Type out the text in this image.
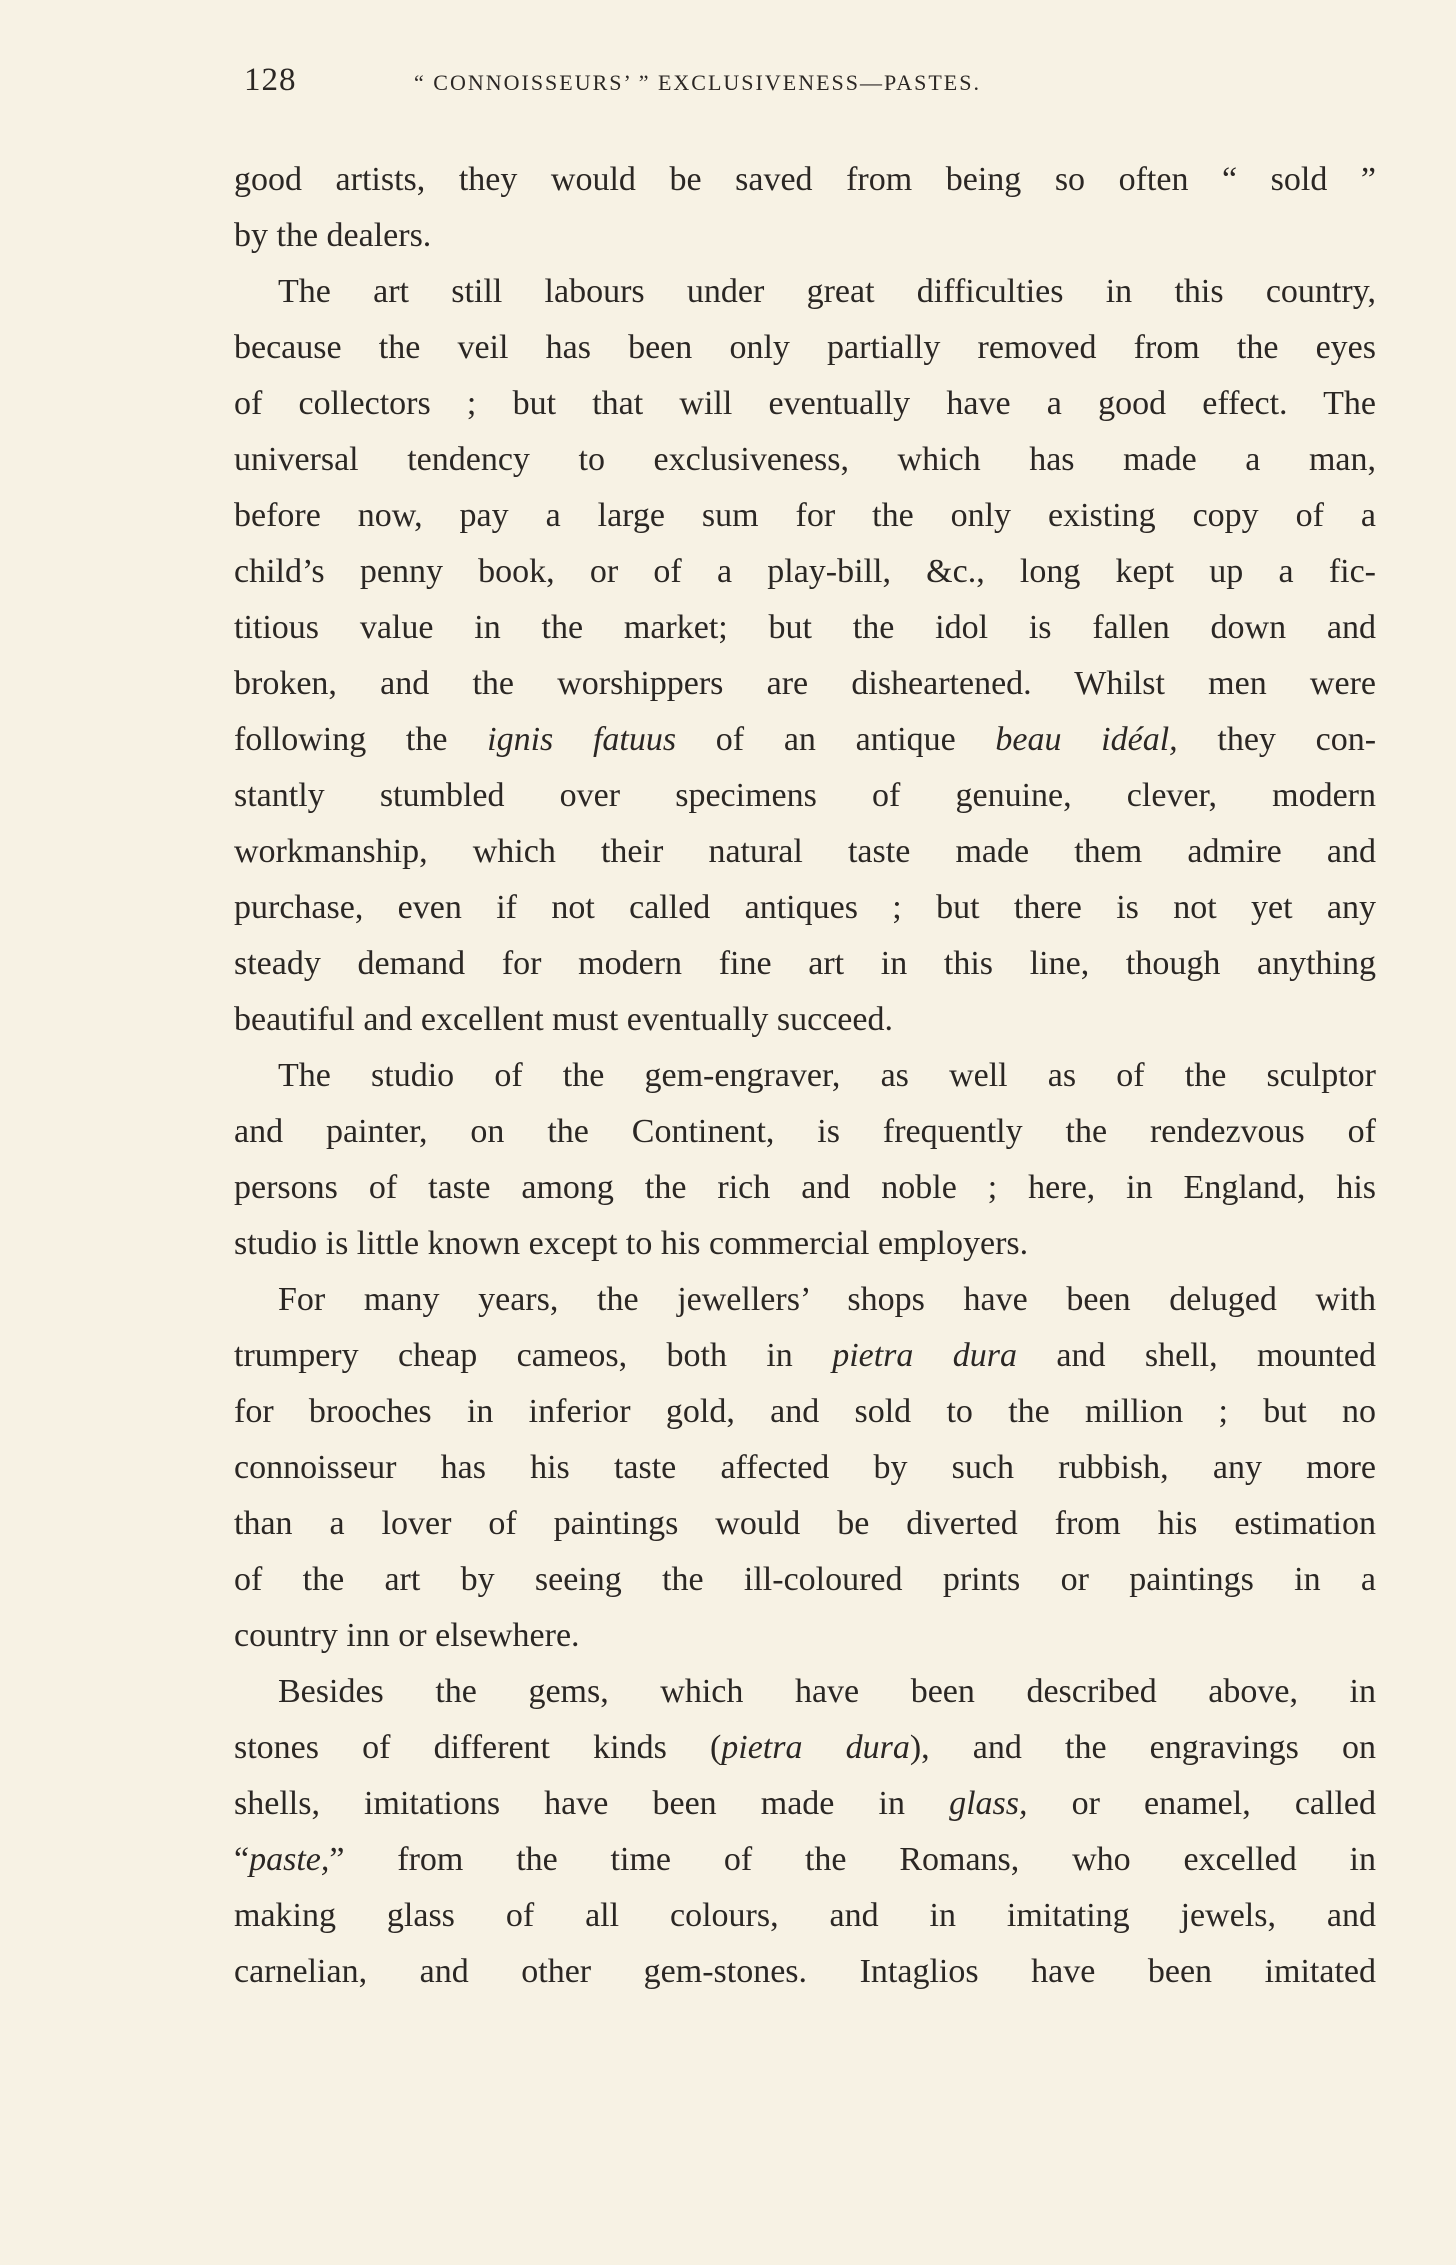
128	“ CONNOISSEURS’ ” EXCLUSIVENESS—PASTES.
good artists, they would be saved from being so often “ sold ”
by the dealers.
The art still labours under great difficulties in this country,
because the veil has been only partially removed from the eyes
of collectors ; but that will eventually have a good effect. The
universal tendency to exclusiveness, which has made a man,
before now, pay a large sum for the only existing copy of a
child’s penny book, or of a play-bill, &c., long kept up a fic-
titious value in the market; but the idol is fallen down and
broken, and the worshippers are disheartened. Whilst men were
following the ignis fatuus of an antique beau idéal, they con-
stantly stumbled over specimens of genuine, clever, modern
workmanship, which their natural taste made them admire and
purchase, even if not called antiques ; but there is not yet any
steady demand for modern fine art in this line, though anything
beautiful and excellent must eventually succeed.
The studio of the gem-engraver, as well as of the sculptor
and painter, on the Continent, is frequently the rendezvous of
persons of taste among the rich and noble ; here, in England, his
studio is little known except to his commercial employers.
For many years, the jewellers’ shops have been deluged with
trumpery cheap cameos, both in pietra dura and shell, mounted
for brooches in inferior gold, and sold to the million ; but no
connoisseur has his taste affected by such rubbish, any more
than a lover of paintings would be diverted from his estimation
of the art by seeing the ill-coloured prints or paintings in a
country inn or elsewhere.
Besides the gems, which have been described above, in
stones of different kinds (pietra dura), and the engravings on
shells, imitations have been made in glass, or enamel, called
“paste,” from the time of the Romans, who excelled in
making glass of all colours, and in imitating jewels, and
carnelian, and other gem-stones. Intaglios have been imitated
